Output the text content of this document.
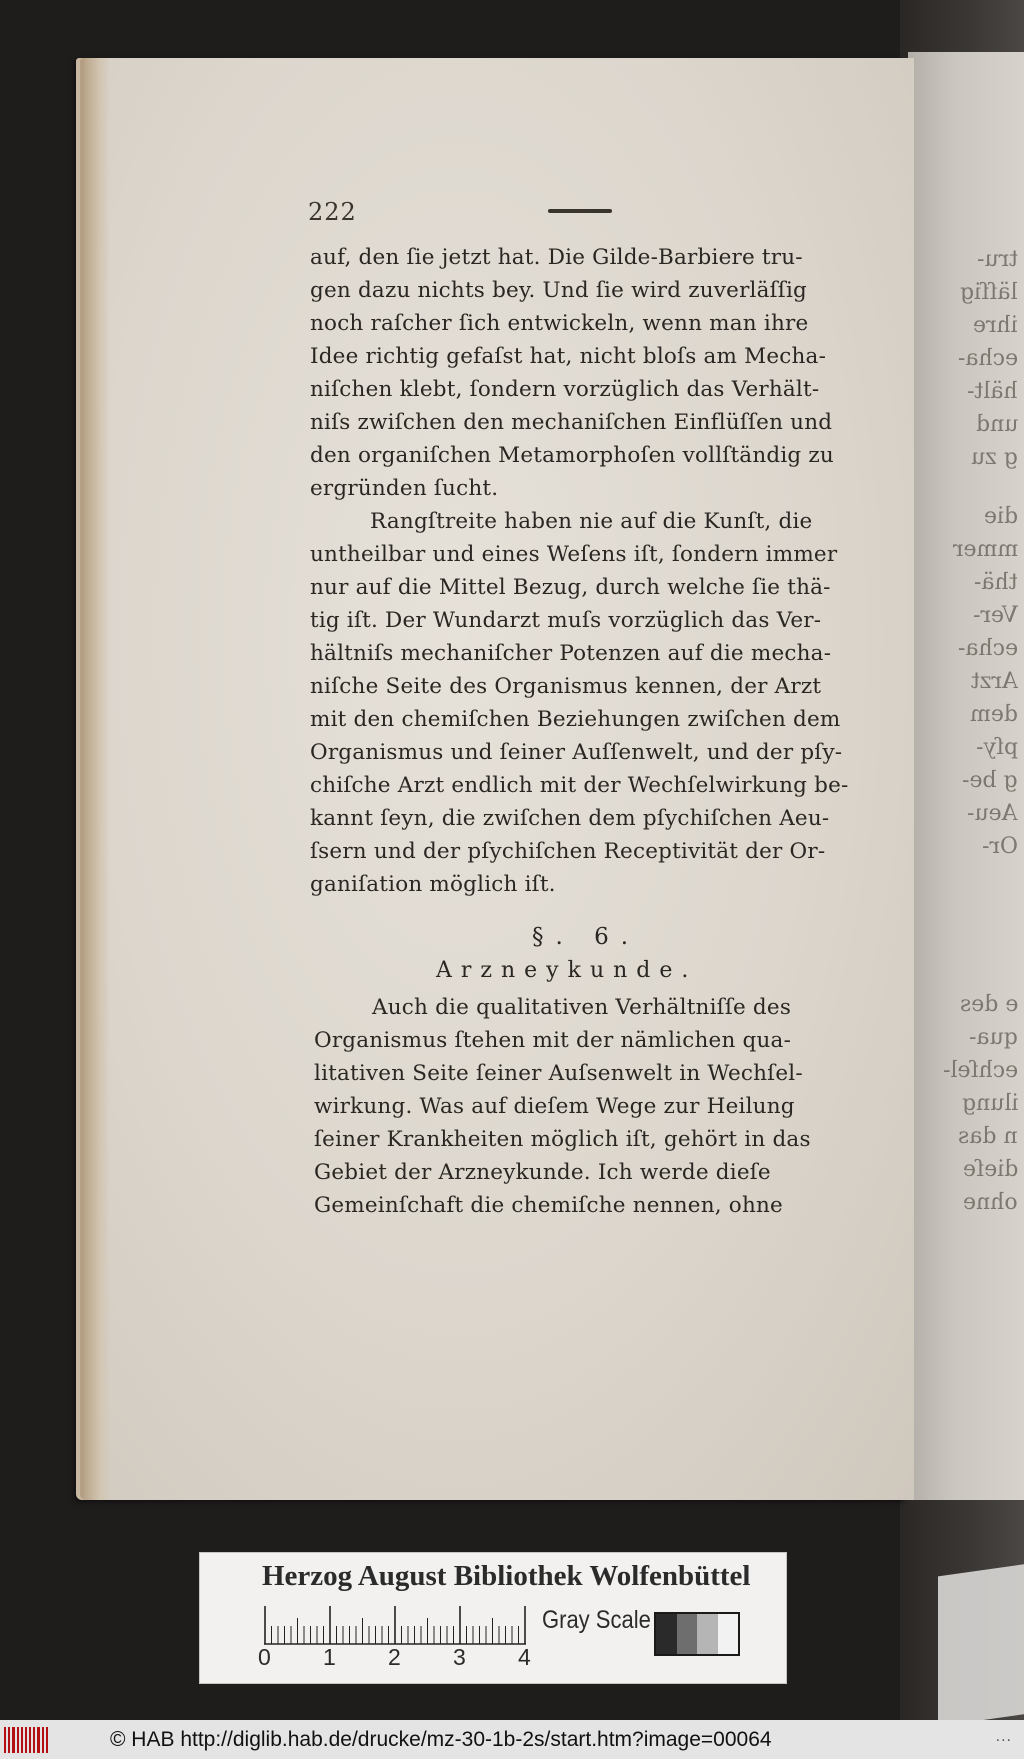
tru-
läſſig
ihre
echa-
hält-
und
g zu
die
mmer
thä-
Ver-
echa-
Arzt
dem
pſy-
g be-
Aeu-
Or-
e des
qua-
echſel-
ilung
n das
dieſe
ohne
222
auf, den ſie jetzt hat. Die Gilde-Barbiere tru-
gen dazu nichts bey. Und ſie wird zuverläſſig
noch raſcher ſich entwickeln, wenn man ihre
Idee richtig gefaſst hat, nicht bloſs am Mecha-
niſchen klebt, ſondern vorzüglich das Verhält-
niſs zwiſchen den mechaniſchen Einflüſſen und
den organiſchen Metamorphoſen vollſtändig zu
ergründen ſucht.
Rangſtreite haben nie auf die Kunſt, die
untheilbar und eines Weſens iſt, ſondern immer
nur auf die Mittel Bezug, durch welche ſie thä-
tig iſt. Der Wundarzt muſs vorzüglich das Ver-
hältniſs mechaniſcher Potenzen auf die mecha-
niſche Seite des Organismus kennen, der Arzt
mit den chemiſchen Beziehungen zwiſchen dem
Organismus und ſeiner Auſſenwelt, und der pſy-
chiſche Arzt endlich mit der Wechſelwirkung be-
kannt ſeyn, die zwiſchen dem pſychiſchen Aeu-
ſsern und der pſychiſchen Receptivität der Or-
ganiſation möglich iſt.
§. 6.
Arzneykunde.
Auch die qualitativen Verhältniſſe des
Organismus ſtehen mit der nämlichen qua-
litativen Seite ſeiner Auſsenwelt in Wechſel-
wirkung. Was auf dieſem Wege zur Heilung
ſeiner Krankheiten möglich iſt, gehört in das
Gebiet der Arzneykunde. Ich werde dieſe
Gemeinſchaft die chemiſche nennen, ohne
Herzog August Bibliothek Wolfenbüttel
0 1 2 3 4
Gray Scale
© HAB http://diglib.hab.de/drucke/mz-30-1b-2s/start.htm?image=00064	...
